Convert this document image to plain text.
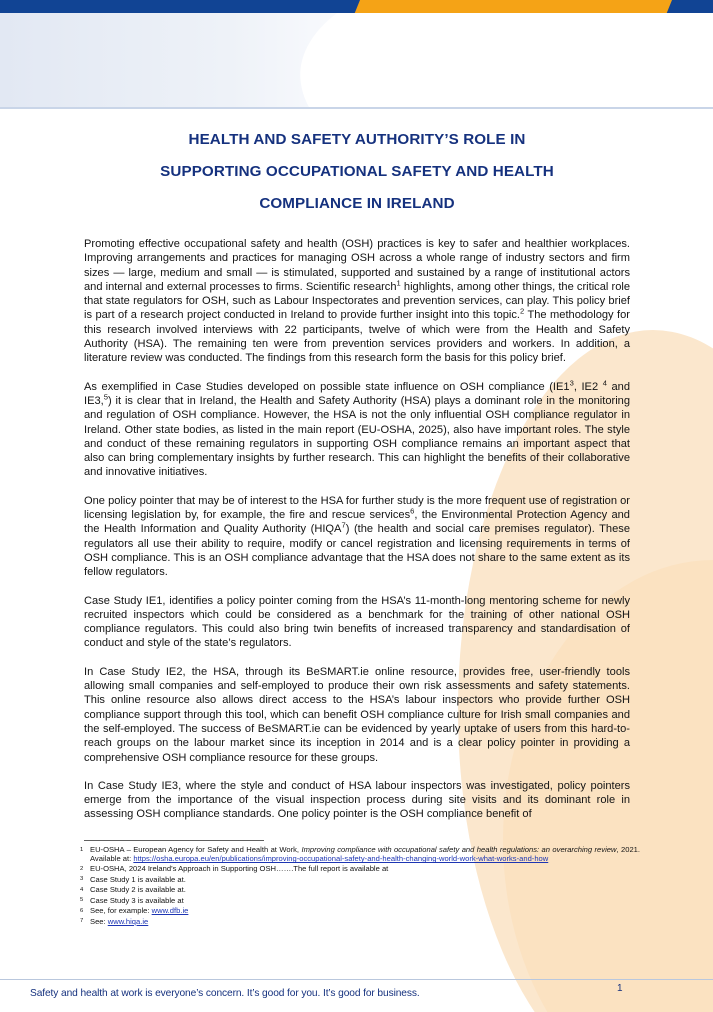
HEALTH AND SAFETY AUTHORITY’S ROLE IN
SUPPORTING OCCUPATIONAL SAFETY AND HEALTH
COMPLIANCE IN IRELAND

Promoting effective occupational safety and health (OSH) practices is key to safer and healthier workplaces. Improving arrangements and practices for managing OSH across a whole range of industry sectors and firm sizes — large, medium and small — is stimulated, supported and sustained by a range of institutional actors and internal and external processes to firms. Scientific research$^1$ highlights, among other things, the critical role that state regulators for OSH, such as Labour Inspectorates and prevention services, can play. This policy brief is part of a research project conducted in Ireland to provide further insight into this topic.$^2$ The methodology for this research involved interviews with 22 participants, twelve of which were from the Health and Safety Authority (HSA). The remaining ten were from prevention services providers and workers. In addition, a literature review was conducted. The findings from this research form the basis for this policy brief.

As exemplified in Case Studies developed on possible state influence on OSH compliance ($IE1^3$, IE2 $^4$ and IE3,$^5$) it is clear that in Ireland, the Health and Safety Authority (HSA) plays a dominant role in the monitoring and regulation of OSH compliance. However, the HSA is not the only influential OSH compliance regulator in Ireland. Other state bodies, as listed in the main report (EU-OSHA, 2025), also have important roles. The style and conduct of these remaining regulators in supporting OSH compliance remains an important aspect that also can bring complementary insights by further research. This can highlight the benefits of their collaborative and innovative initiatives.

One policy pointer that may be of interest to the HSA for further study is the more frequent use of registration or licensing legislation by, for example, the fire and rescue services$^6$, the Environmental Protection Agency and the Health Information and Quality Authority (HIQA$^7$) (the health and social care premises regulator). These regulators all use their ability to require, modify or cancel registration and licensing requirements in terms of OSH compliance. This is an OSH compliance advantage that the HSA does not share to the same extent as its fellow regulators.

Case Study IE1, identifies a policy pointer coming from the HSA’s 11-month-long mentoring scheme for newly recruited inspectors which could be considered as a benchmark for the training of other national OSH compliance regulators. This could also bring twin benefits of increased transparency and standardisation of conduct and style of the state’s regulators.

In Case Study IE2, the HSA, through its BeSMART.ie online resource, provides free, user-friendly tools allowing small companies and self-employed to produce their own risk assessments and safety statements. This online resource also allows direct access to the HSA’s labour inspectors who provide further OSH compliance support through this tool, which can benefit OSH compliance culture for Irish small companies and the self-employed. The success of BeSMART.ie can be evidenced by yearly uptake of users from this hard-to-reach groups on the labour market since its inception in 2014 and is a clear policy pointer in providing a comprehensive OSH compliance resource for these groups.

In Case Study IE3, where the style and conduct of HSA labour inspectors was investigated, policy pointers emerge from the importance of the visual inspection process during site visits and its dominant role in assessing OSH compliance standards. One policy pointer is the OSH compliance benefit of

1 EU-OSHA – European Agency for Safety and Health at Work, Improving compliance with occupational safety and health regulations: an overarching review, 2021. Available at: https://osha.europa.eu/en/publications/improving-occupational-safety-and-health-changing-world-work-what-works-and-how
2 EU-OSHA, 2024 Ireland’s Approach in Supporting OSH…….The full report is available at
3 Case Study 1 is available at.
4 Case Study 2 is available at.
5 Case Study 3 is available at
6 See, for example: www.dfb.ie
7 See: www.hiqa.ie
Safety and health at work is everyone’s concern. It’s good for you. It’s good for business.	1
